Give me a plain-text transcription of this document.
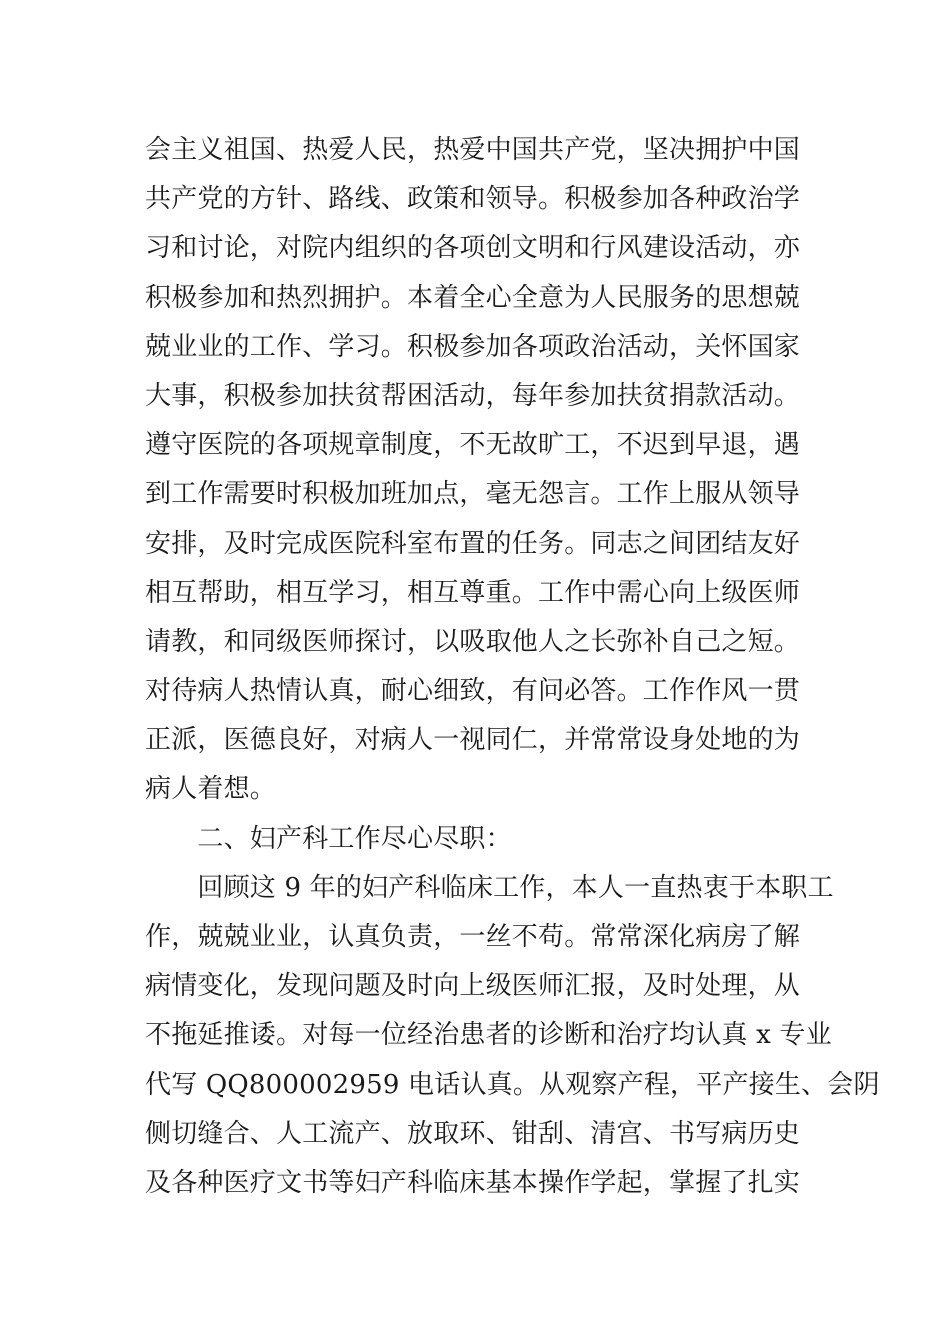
会主义祖国、热爱人民，热爱中国共产党，坚决拥护中国
共产党的方针、路线、政策和领导。积极参加各种政治学
习和讨论，对院内组织的各项创文明和行风建设活动，亦
积极参加和热烈拥护。本着全心全意为人民服务的思想兢
兢业业的工作、学习。积极参加各项政治活动，关怀国家
大事，积极参加扶贫帮困活动，每年参加扶贫捐款活动。
遵守医院的各项规章制度，不无故旷工，不迟到早退，遇
到工作需要时积极加班加点，毫无怨言。工作上服从领导
安排，及时完成医院科室布置的任务。同志之间团结友好
相互帮助，相互学习，相互尊重。工作中需心向上级医师
请教，和同级医师探讨，以吸取他人之长弥补自己之短。
对待病人热情认真，耐心细致，有问必答。工作作风一贯
正派，医德良好，对病人一视同仁，并常常设身处地的为
病人着想。
　　二、妇产科工作尽心尽职：
　　回顾这 9 年的妇产科临床工作，本人一直热衷于本职工
作，兢兢业业，认真负责，一丝不苟。常常深化病房了解
病情变化，发现问题及时向上级医师汇报，及时处理，从
不拖延推诿。对每一位经治患者的诊断和治疗均认真 x 专业
代写 QQ800002959 电话认真。从观察产程，平产接生、会阴
侧切缝合、人工流产、放取环、钳刮、清宫、书写病历史
及各种医疗文书等妇产科临床基本操作学起，掌握了扎实
